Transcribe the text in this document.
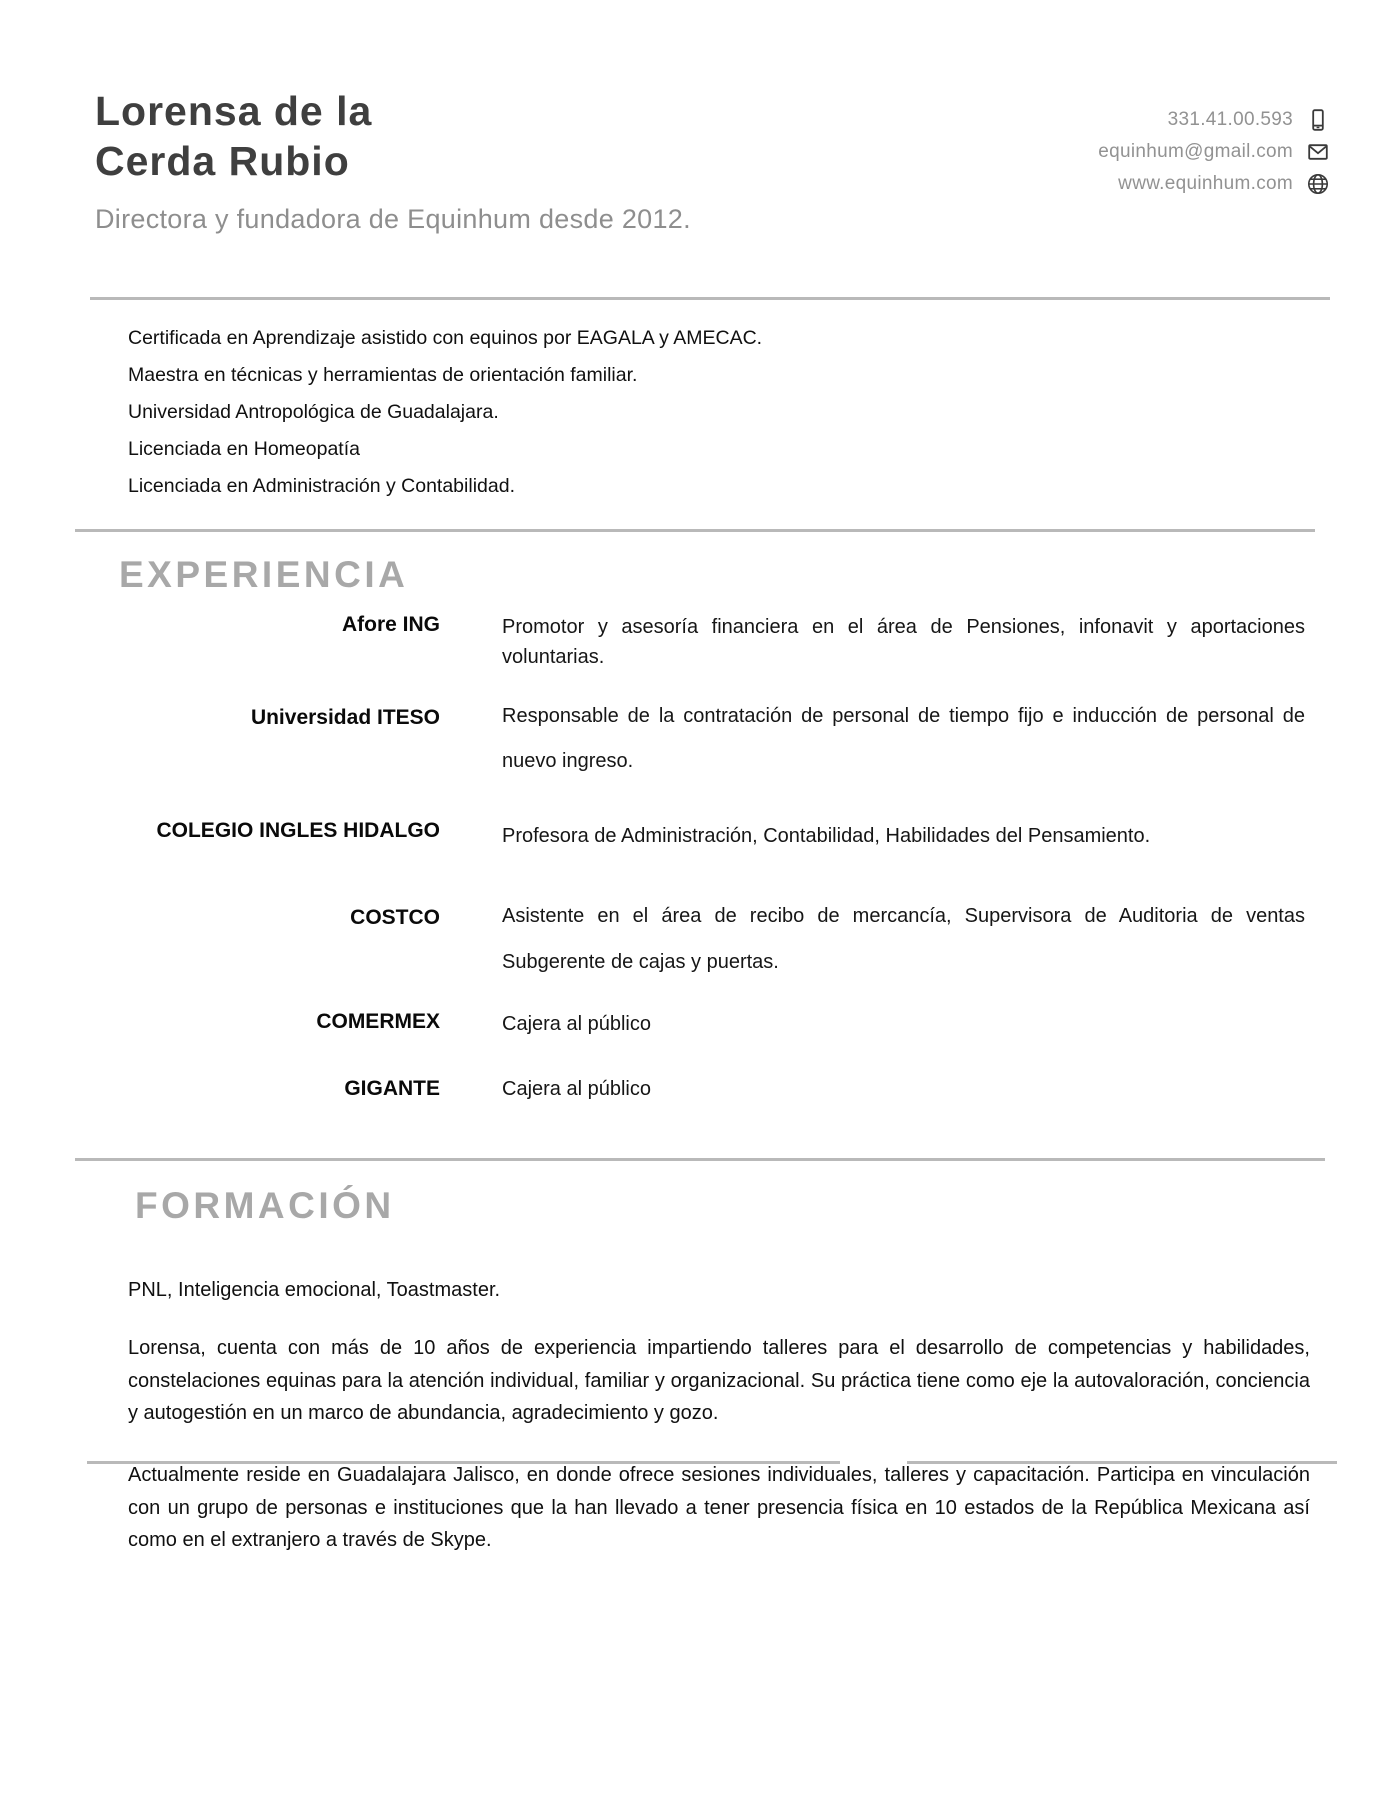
Lorensa de la
Cerda Rubio
331.41.00.593
equinhum@gmail.com
www.equinhum.com
Directora y fundadora de Equinhum desde 2012.
Certificada en Aprendizaje asistido con equinos por EAGALA y AMECAC.
Maestra en técnicas y herramientas de orientación familiar.
Universidad Antropológica de Guadalajara.
Licenciada en Homeopatía
Licenciada en Administración y Contabilidad.
EXPERIENCIA
Afore ING	Promotor y asesoría financiera en el área de Pensiones, infonavit y aportaciones voluntarias.
Universidad ITESO	Responsable de la contratación de personal de tiempo fijo e inducción de personal de nuevo ingreso.
COLEGIO INGLES HIDALGO	Profesora de Administración, Contabilidad, Habilidades del Pensamiento.
COSTCO	Asistente en el área de recibo de mercancía, Supervisora de Auditoria de ventas Subgerente de cajas y puertas.
COMERMEX	Cajera al público
GIGANTE	Cajera al público
FORMACIÓN
PNL, Inteligencia emocional, Toastmaster.
Lorensa, cuenta con más de 10 años de experiencia impartiendo talleres para el desarrollo de competencias y habilidades, constelaciones equinas para la atención individual, familiar y organizacional. Su práctica tiene como eje la autovaloración, conciencia y autogestión en un marco de abundancia, agradecimiento y gozo.
Actualmente reside en Guadalajara Jalisco, en donde ofrece sesiones individuales, talleres y capacitación. Participa en vinculación con un grupo de personas e instituciones que la han llevado a tener presencia física en 10 estados de la República Mexicana así como en el extranjero a través de Skype.
